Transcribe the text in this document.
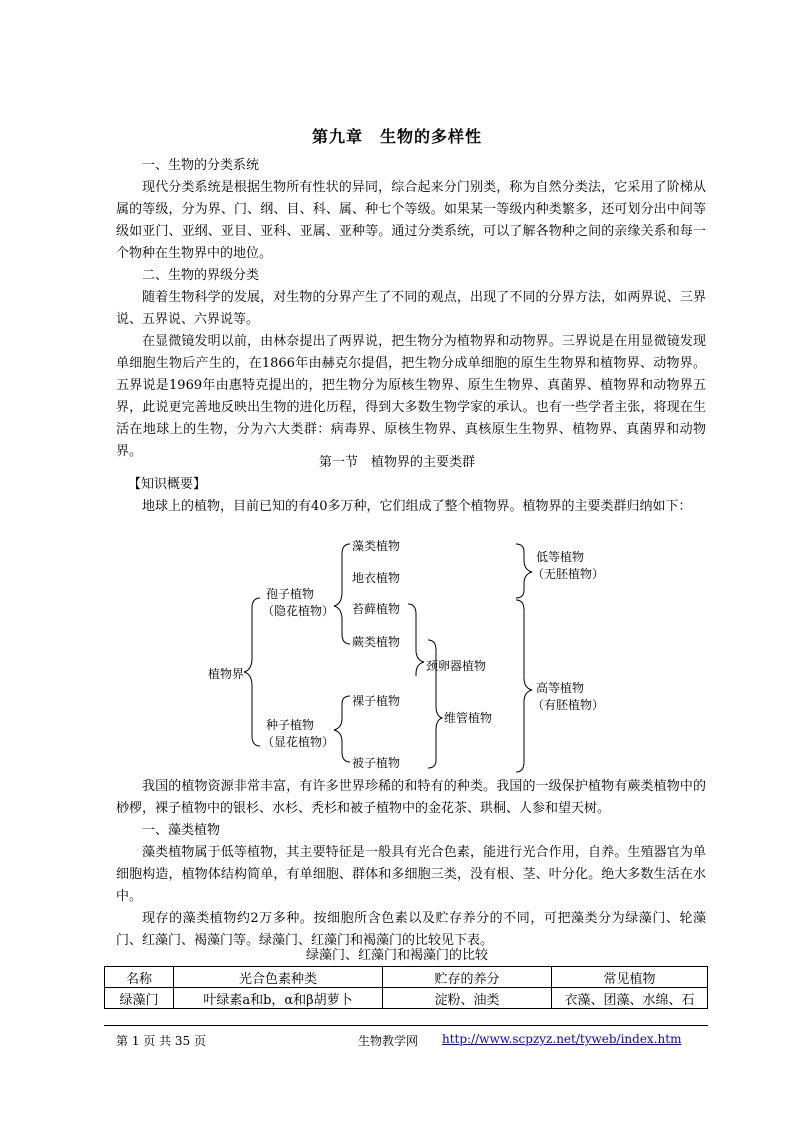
第九章　生物的多样性

一、生物的分类系统

现代分类系统是根据生物所有性状的异同，综合起来分门别类，称为自然分类法，它采用了阶梯从属的等级，分为界、门、纲、目、科、属、种七个等级。如果某一等级内种类繁多，还可划分出中间等级如亚门、亚纲、亚目、亚科、亚属、亚种等。通过分类系统，可以了解各物种之间的亲缘关系和每一个物种在生物界中的地位。

二、生物的界级分类

随着生物科学的发展，对生物的分界产生了不同的观点，出现了不同的分界方法，如两界说、三界说、五界说、六界说等。

在显微镜发明以前，由林奈提出了两界说，把生物分为植物界和动物界。三界说是在用显微镜发现单细胞生物后产生的，在1866年由赫克尔提倡，把生物分成单细胞的原生生物界和植物界、动物界。五界说是1969年由惠特克提出的，把生物分为原核生物界、原生生物界、真菌界、植物界和动物界五界，此说更完善地反映出生物的进化历程，得到大多数生物学家的承认。也有一些学者主张，将现在生活在地球上的生物，分为六大类群：病毒界、原核生物界、真核原生生物界、植物界、真菌界和动物界。

第一节　植物界的主要类群

【知识概要】

地球上的植物，目前已知的有40多万种，它们组成了整个植物界。植物界的主要类群归纳如下：

植物界
孢子植物
（隐花植物）
种子植物
（显花植物）
藻类植物
地衣植物
苔藓植物
蕨类植物
裸子植物
被子植物
颈卵器植物
维管植物
低等植物
（无胚植物）
高等植物
（有胚植物）

我国的植物资源非常丰富，有许多世界珍稀的和特有的种类。我国的一级保护植物有蕨类植物中的桫椤，裸子植物中的银杉、水杉、秃杉和被子植物中的金花茶、珙桐、人参和望天树。

一、藻类植物

藻类植物属于低等植物，其主要特征是一般具有光合色素，能进行光合作用，自养。生殖器官为单细胞构造，植物体结构简单，有单细胞、群体和多细胞三类，没有根、茎、叶分化。绝大多数生活在水中。

现存的藻类植物约2万多种。按细胞所含色素以及贮存养分的不同，可把藻类分为绿藻门、轮藻门、红藻门、褐藻门等。绿藻门、红藻门和褐藻门的比较见下表。

绿藻门、红藻门和褐藻门的比较

名称	光合色素种类	贮存的养分	常见植物
绿藻门	叶绿素a和b，α和β胡萝卜	淀粉、油类	衣藻、团藻、水绵、石
第 1 页 共 35 页	生物教学网 http://www.scpzyz.net/tyweb/index.htm
